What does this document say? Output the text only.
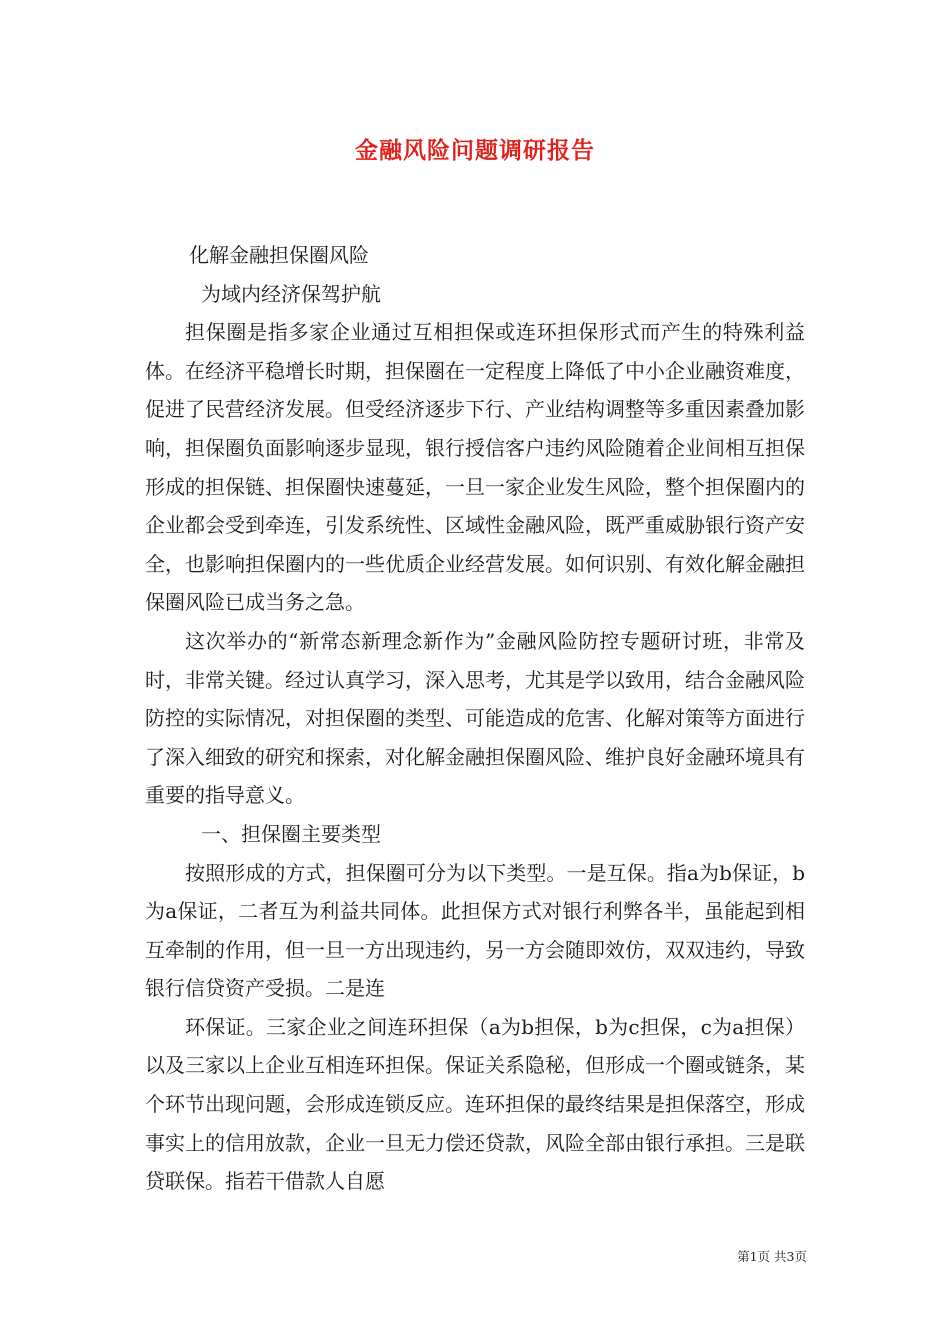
金融风险问题调研报告

化解金融担保圈风险

为域内经济保驾护航

担保圈是指多家企业通过互相担保或连环担保形式而产生的特殊利益体。在经济平稳增长时期，担保圈在一定程度上降低了中小企业融资难度，促进了民营经济发展。但受经济逐步下行、产业结构调整等多重因素叠加影响，担保圈负面影响逐步显现，银行授信客户违约风险随着企业间相互担保形成的担保链、担保圈快速蔓延，一旦一家企业发生风险，整个担保圈内的企业都会受到牵连，引发系统性、区域性金融风险，既严重威胁银行资产安全，也影响担保圈内的一些优质企业经营发展。如何识别、有效化解金融担保圈风险已成当务之急。

这次举办的“新常态新理念新作为”金融风险防控专题研讨班，非常及时，非常关键。经过认真学习，深入思考，尤其是学以致用，结合金融风险防控的实际情况，对担保圈的类型、可能造成的危害、化解对策等方面进行了深入细致的研究和探索，对化解金融担保圈风险、维护良好金融环境具有重要的指导意义。

一、担保圈主要类型

按照形成的方式，担保圈可分为以下类型。一是互保。指a为b保证，b为a保证，二者互为利益共同体。此担保方式对银行利弊各半，虽能起到相互牵制的作用，但一旦一方出现违约，另一方会随即效仿，双双违约，导致银行信贷资产受损。二是连

环保证。三家企业之间连环担保（a为b担保，b为c担保，c为a担保）以及三家以上企业互相连环担保。保证关系隐秘，但形成一个圈或链条，某个环节出现问题，会形成连锁反应。连环担保的最终结果是担保落空，形成事实上的信用放款，企业一旦无力偿还贷款，风险全部由银行承担。三是联贷联保。指若干借款人自愿

第1页 共3页
